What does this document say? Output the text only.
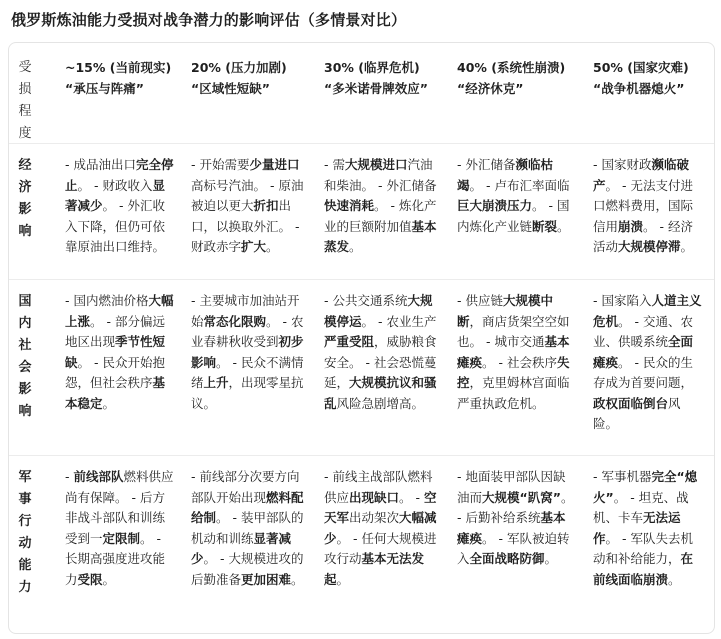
俄罗斯炼油能力受损对战争潜力的影响评估（多情景对比）
受损程度
~15% (当前现实) “承压与阵痛”
20% (压力加剧) “区域性短缺”
30% (临界危机) “多米诺骨牌效应”
40% (系统性崩溃) “经济休克”
50% (国家灾难) “战争机器熄火”
经济影响
- 成品油出口完全停止。 - 财政收入显著减少。 - 外汇收入下降，但仍可依靠原油出口维持。
- 开始需要少量进口高标号汽油。 - 原油被迫以更大折扣出口，以换取外汇。 - 财政赤字扩大。
- 需大规模进口汽油和柴油。 - 外汇储备快速消耗。 - 炼化产业的巨额附加值基本蒸发。
- 外汇储备濒临枯竭。 - 卢布汇率面临巨大崩溃压力。 - 国内炼化产业链断裂。
- 国家财政濒临破产。 - 无法支付进口燃料费用，国际信用崩溃。 - 经济活动大规模停滞。
国内社会影响
- 国内燃油价格大幅上涨。 - 部分偏远地区出现季节性短缺。 - 民众开始抱怨，但社会秩序基本稳定。
- 主要城市加油站开始常态化限购。 - 农业春耕秋收受到初步影响。 - 民众不满情绪上升，出现零星抗议。
- 公共交通系统大规模停运。 - 农业生产严重受阻，威胁粮食安全。 - 社会恐慌蔓延，大规模抗议和骚乱风险急剧增高。
- 供应链大规模中断，商店货架空空如也。 - 城市交通基本瘫痪。 - 社会秩序失控，克里姆林宫面临严重执政危机。
- 国家陷入人道主义危机。 - 交通、农业、供暖系统全面瘫痪。 - 民众的生存成为首要问题，政权面临倒台风险。
军事行动能力
- 前线部队燃料供应尚有保障。 - 后方非战斗部队和训练受到一定限制。 - 长期高强度进攻能力受限。
- 前线部分次要方向部队开始出现燃料配给制。 - 装甲部队的机动和训练显著减少。 - 大规模进攻的后勤准备更加困难。
- 前线主战部队燃料供应出现缺口。 - 空天军出动架次大幅减少。 - 任何大规模进攻行动基本无法发起。
- 地面装甲部队因缺油而大规模“趴窝”。 - 后勤补给系统基本瘫痪。 - 军队被迫转入全面战略防御。
- 军事机器完全“熄火”。 - 坦克、战机、卡车无法运作。 - 军队失去机动和补给能力，在前线面临崩溃。
